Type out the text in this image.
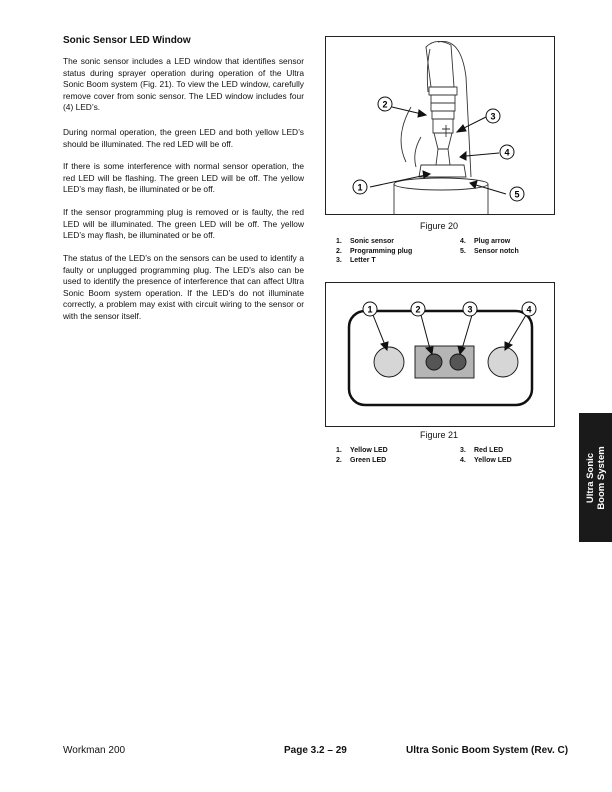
Sonic Sensor LED Window

The sonic sensor includes a LED window that identifies sensor status during sprayer operation during operation of the Ultra Sonic Boom system (Fig. 21). To view the LED window, carefully remove cover from sonic sensor. The LED window includes four (4) LED’s.

During normal operation, the green LED and both yellow LED’s should be illuminated. The red LED will be off.

If there is some interference with normal sensor operation, the red LED will be flashing. The green LED will be off. The yellow LED’s may flash, be illuminated or be off.

If the sensor programming plug is removed or is faulty, the red LED will be illuminated. The green LED will be off. The yellow LED’s may flash, be illuminated or be off.

The status of the LED’s on the sensors can be used to identify a faulty or unplugged programming plug. The LED’s also can be used to identify the presence of interference that can affect Ultra Sonic Boom system operation. If the LED’s do not illuminate correctly, a problem may exist with circuit wiring to the sensor or with the sensor itself.

2
3
4
1
5
Figure 20
1. Sonic sensor
2. Programming plug
3. Letter T
4. Plug arrow
5. Sensor notch
1	2	3	4
Figure 21
1. Yellow LED
2. Green LED
3. Red LED
4. Yellow LED	Ultra Sonic Boom System
Workman 200	Page 3.2 – 29	Ultra Sonic Boom System (Rev. C)
